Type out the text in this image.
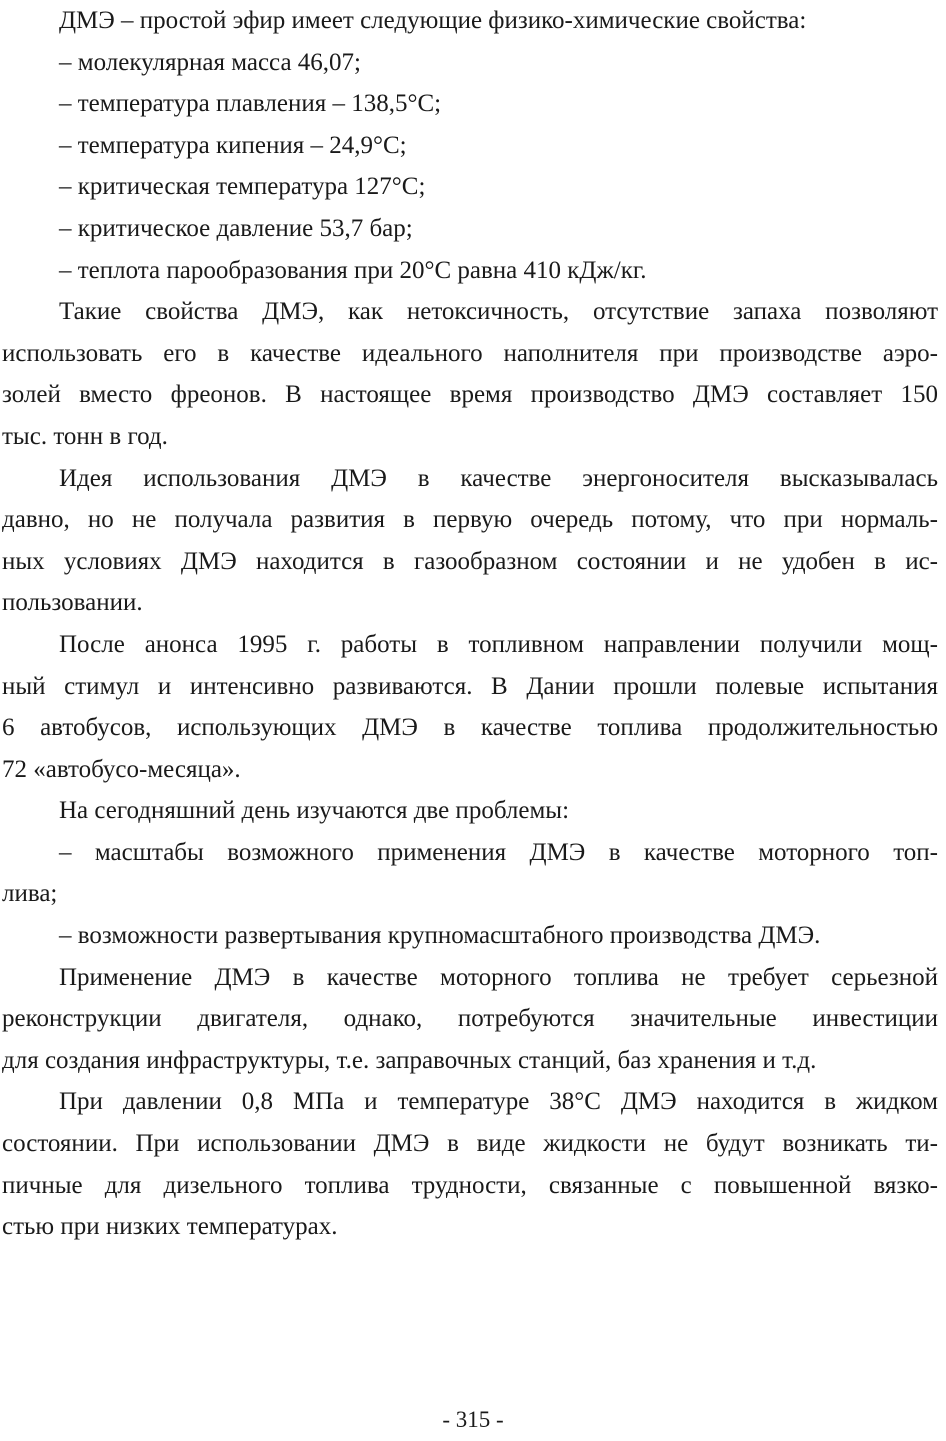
ДМЭ – простой эфир имеет следующие физико-химические свойства:
– молекулярная масса 46,07;
– температура плавления – 138,5°С;
– температура кипения – 24,9°С;
– критическая температура 127°С;
– критическое давление 53,7 бар;
– теплота парообразования при 20°С равна 410 кДж/кг.
Такие свойства ДМЭ, как нетоксичность, отсутствие запаха позволяют
использовать его в качестве идеального наполнителя при производстве аэро-
золей вместо фреонов. В настоящее время производство ДМЭ составляет 150
тыс. тонн в год.
Идея использования ДМЭ в качестве энергоносителя высказывалась
давно, но не получала развития в первую очередь потому, что при нормаль-
ных условиях ДМЭ находится в газообразном состоянии и не удобен в ис-
пользовании.
После анонса 1995 г. работы в топливном направлении получили мощ-
ный стимул и интенсивно развиваются. В Дании прошли полевые испытания
6 автобусов, использующих ДМЭ в качестве топлива продолжительностью
72 «автобусо-месяца».
На сегодняшний день изучаются две проблемы:
– масштабы возможного применения ДМЭ в качестве моторного топ-
лива;
– возможности развертывания крупномасштабного производства ДМЭ.
Применение ДМЭ в качестве моторного топлива не требует серьезной
реконструкции двигателя, однако, потребуются значительные инвестиции
для создания инфраструктуры, т.е. заправочных станций, баз хранения и т.д.
При давлении 0,8 МПа и температуре 38°С ДМЭ находится в жидком
состоянии. При использовании ДМЭ в виде жидкости не будут возникать ти-
пичные для дизельного топлива трудности, связанные с повышенной вязко-
стью при низких температурах.
- 315 -
